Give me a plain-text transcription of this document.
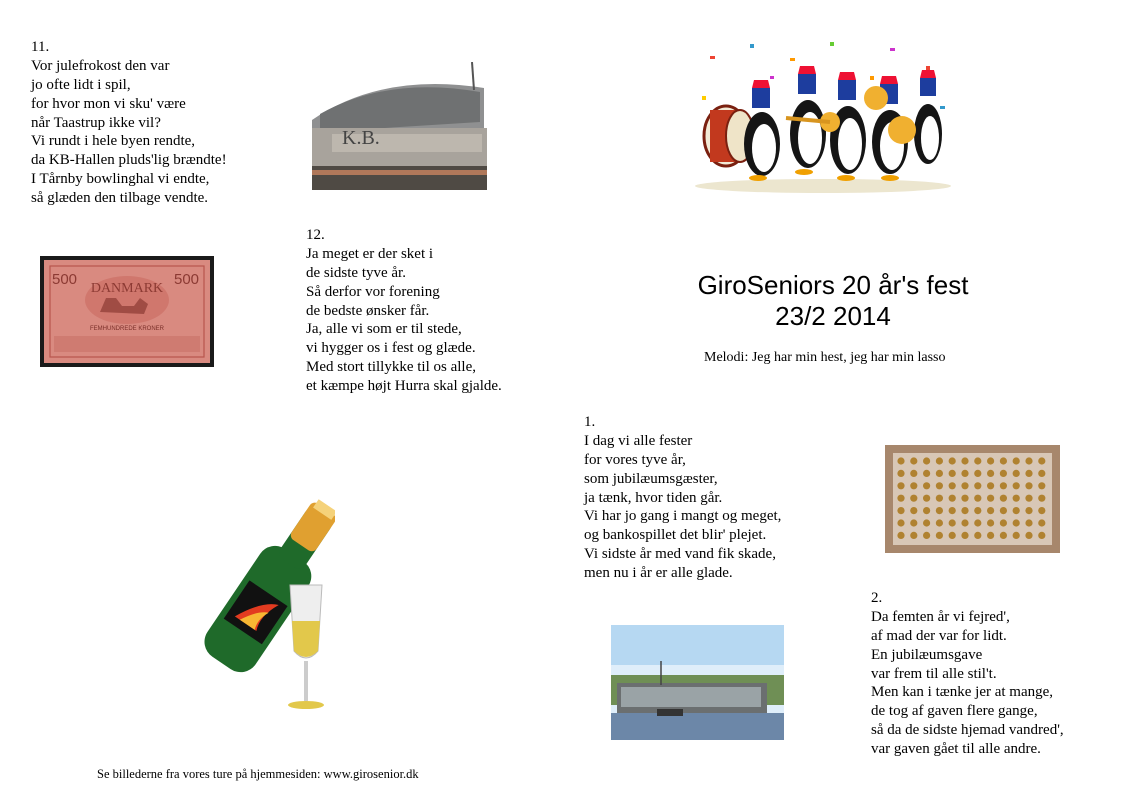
11.
Vor julefrokost den var
jo ofte lidt i spil,
for hvor mon vi sku' være
når Taastrup ikke vil?
Vi rundt i hele byen rendte,
da KB-Hallen pluds'lig brændte!
I Tårnby bowlinghal vi endte,
så glæden den tilbage vendte.
12.
Ja meget er der sket i
de sidste tyve år.
Så derfor vor forening
de bedste ønsker får.
Ja, alle vi som er til stede,
vi hygger os i fest og glæde.
Med stort tillykke til os alle,
et kæmpe højt Hurra skal gjalde.
1.
I dag vi alle fester
for vores tyve år,
som jubilæumsgæster,
ja tænk, hvor tiden går.
Vi har jo gang i mangt og meget,
og bankospillet det blir' plejet.
Vi sidste år med vand fik skade,
men nu i år er alle glade.
2.
Da femten år vi fejred',
af mad der var for lidt.
En jubilæumsgave
var frem til alle stil't.
Men kan i tænke jer at mange,
de tog af gaven flere gange,
så da de sidste hjemad vandred',
var gaven gået til alle andre.
GiroSeniors 20 år's fest
23/2 2014
Melodi: Jeg har min hest, jeg har min lasso
Se billederne fra vores ture på hjemmesiden: www.girosenior.dk
K.B.
500	500
DANMARK
FEMHUNDREDE KRONER
